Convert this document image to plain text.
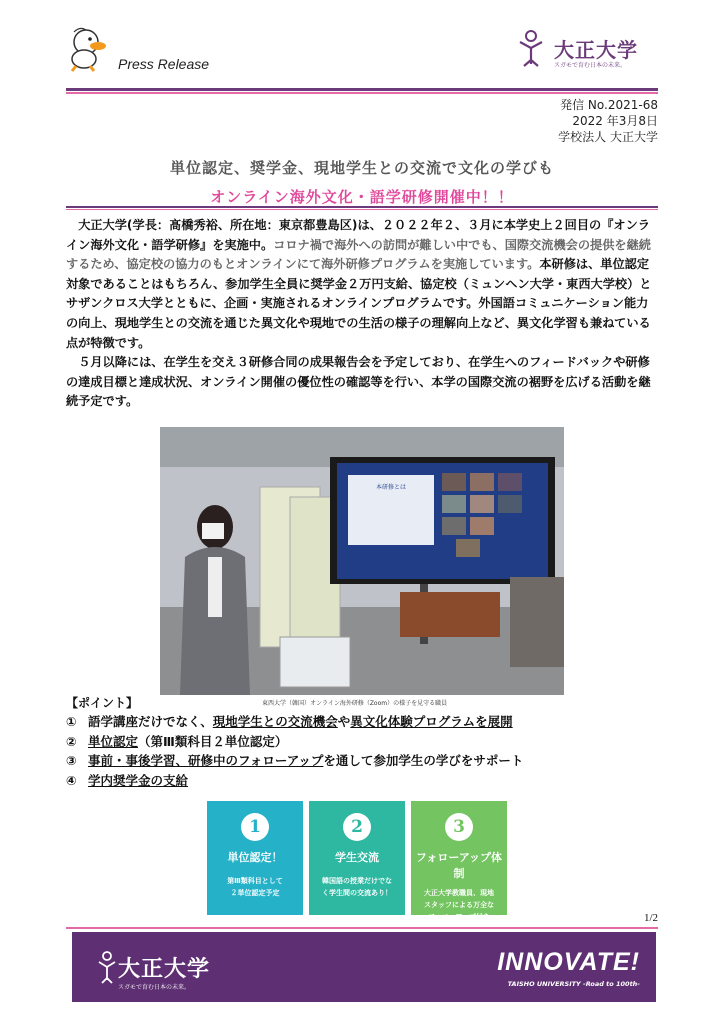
Press Release
大正大学
スガモで育む日本の未来。
発信 No.2021-68
2022 年3月8日
学校法人 大正大学
単位認定、奨学金、現地学生との交流で文化の学びも
オンライン海外文化・語学研修開催中！！

大正大学(学長：髙橋秀裕、所在地：東京都豊島区)は、２０２２年２、３月に本学史上２回目の『オンライン海外文化・語学研修』を実施中。コロナ禍で海外への訪問が難しい中でも、国際交流機会の提供を継続するため、協定校の協力のもとオンラインにて海外研修プログラムを実施しています。本研修は、単位認定対象であることはもちろん、参加学生全員に奨学金２万円支給、協定校（ミュンヘン大学・東西大学校）とサザンクロス大学とともに、企画・実施されるオンラインプログラムです。外国語コミュニケーション能力の向上、現地学生との交流を通じた異文化や現地での生活の様子の理解向上など、異文化学習も兼ねている点が特徴です。

５月以降には、在学生を交え３研修合同の成果報告会を予定しており、在学生へのフィードバックや研修の達成目標と達成状況、オンライン開催の優位性の確認等を行い、本学の国際交流の裾野を広げる活動を継続予定です。

本研修とは
東西大学（韓国）オンライン海外研修（Zoom）の様子を見守る職員
【ポイント】
① 語学講座だけでなく、現地学生との交流機会や異文化体験プログラムを展開
② 単位認定（第Ⅲ類科目２単位認定）
③ 事前・事後学習、研修中のフォローアップを通して参加学生の学びをサポート
④ 学内奨学金の支給
1
単位認定！
第Ⅲ類科目として
２単位認定予定
2
学生交流
韓国語の授業だけでな
く学生間の交流あり！
3
フォローアップ体制
大正大学教職員、現地
スタッフによる万全な
フォローアップ付き	1/2
大正大学
スガモで育む日本の未来。
INNOVATE!
TAISHO UNIVERSITY -Road to 100th-
